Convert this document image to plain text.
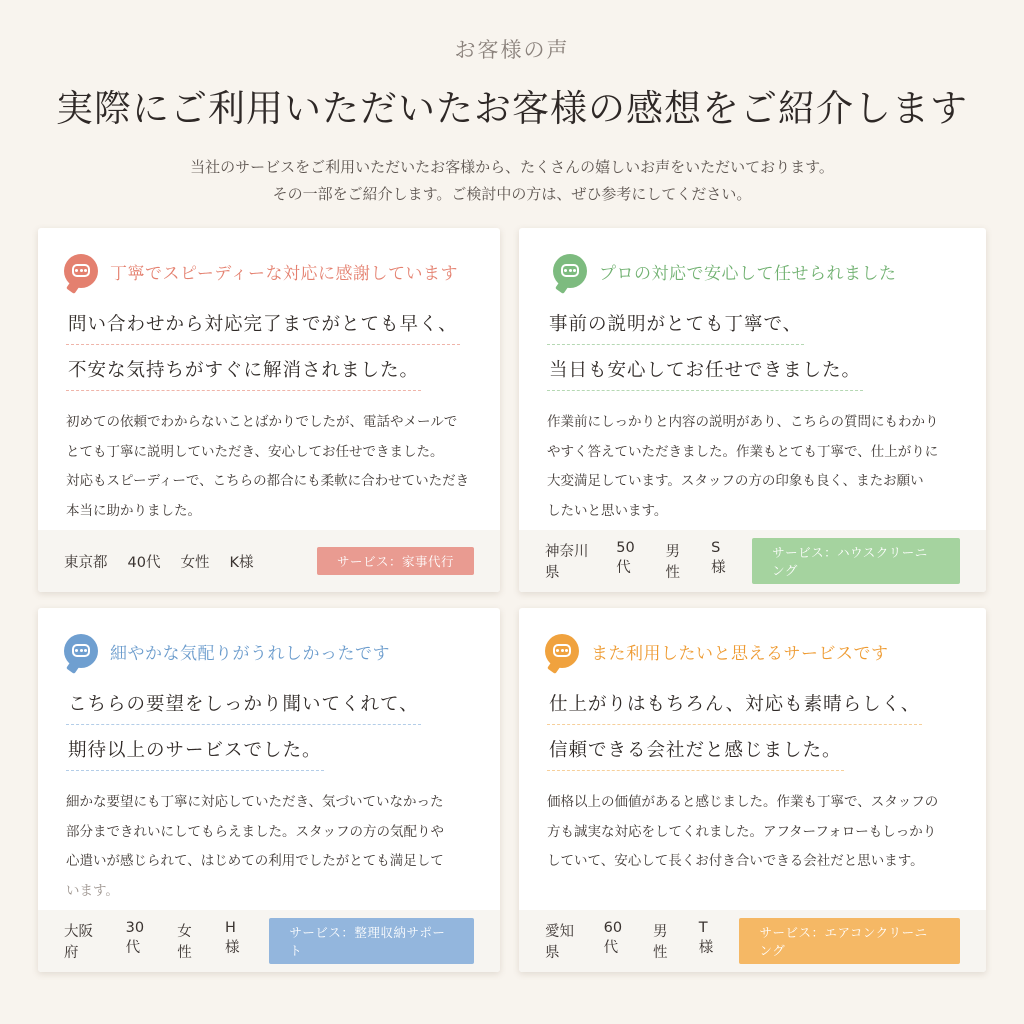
お客様の声
実際にご利用いただいたお客様の感想をご紹介します

当社のサービスをご利用いただいたお客様から、たくさんの嬉しいお声をいただいております。
その一部をご紹介します。ご検討中の方は、ぜひ参考にしてください。

丁寧でスピーディーな対応に感謝しています
問い合わせから対応完了までがとても早く、
不安な気持ちがすぐに解消されました。
初めての依頼でわからないことばかりでしたが、電話やメールで
とても丁寧に説明していただき、安心してお任せできました。
対応もスピーディーで、こちらの都合にも柔軟に合わせていただき
本当に助かりました。
東京都 40代 女性 K様	サービス：家事代行
プロの対応で安心して任せられました
事前の説明がとても丁寧で、
当日も安心してお任せできました。
作業前にしっかりと内容の説明があり、こちらの質問にもわかり
やすく答えていただきました。作業もとても丁寧で、仕上がりに
大変満足しています。スタッフの方の印象も良く、またお願い
したいと思います。
神奈川県
50代
男性
S様
サービス：ハウスクリーニング
細やかな気配りがうれしかったです
こちらの要望をしっかり聞いてくれて、
期待以上のサービスでした。
細かな要望にも丁寧に対応していただき、気づいていなかった
部分まできれいにしてもらえました。スタッフの方の気配りや
心遣いが感じられて、はじめての利用でしたがとても満足して
います。
大阪府
30代
女性
H様
サービス：整理収納サポート
また利用したいと思えるサービスです
仕上がりはもちろん、対応も素晴らしく、
信頼できる会社だと感じました。
価格以上の価値があると感じました。作業も丁寧で、スタッフの
方も誠実な対応をしてくれました。アフターフォローもしっかり
していて、安心して長くお付き合いできる会社だと思います。
愛知県
60代
男性
T様
サービス：エアコンクリーニング
